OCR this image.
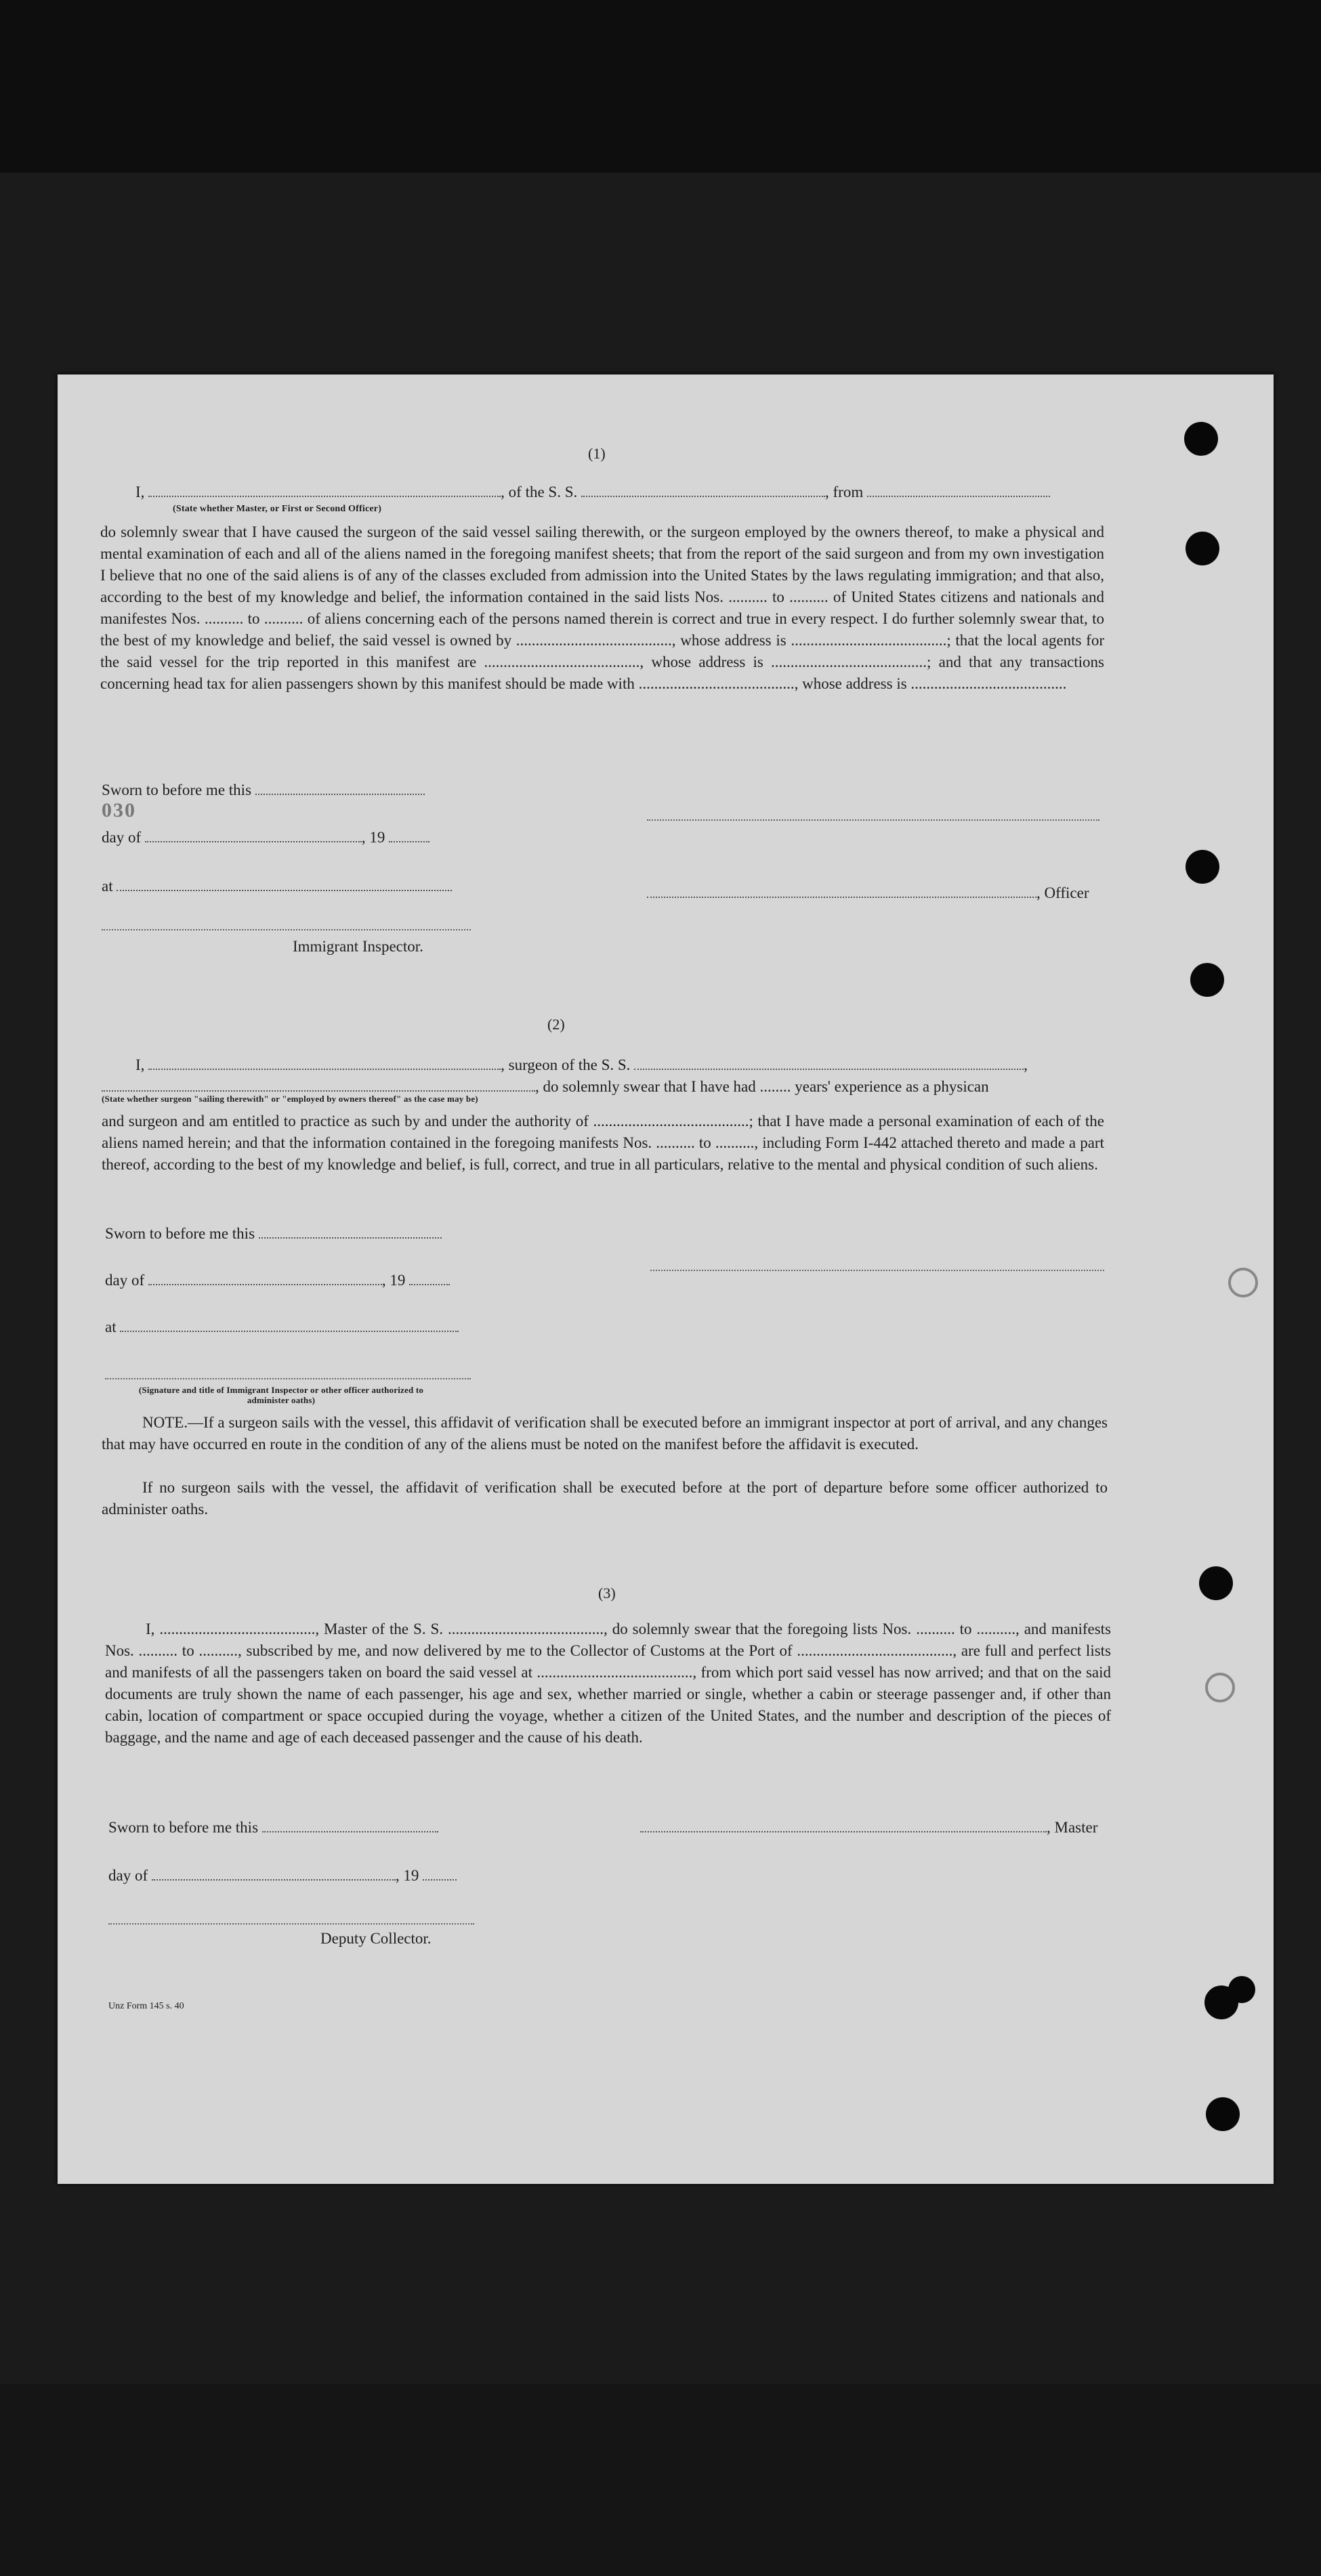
(1)
I,	, of the S. S.	, from
(State whether Master, or First or Second Officer)

do solemnly swear that I have caused the surgeon of the said vessel sailing therewith, or the surgeon employed by the owners thereof, to make a physical and mental examination of each and all of the aliens named in the foregoing manifest sheets; that from the report of the said surgeon and from my own investigation I believe that no one of the said aliens is of any of the classes excluded from admission into the United States by the laws regulating immigration; and that also, according to the best of my knowledge and belief, the information contained in the said lists Nos. .......... to .......... of United States citizens and nationals and manifestes Nos. .......... to .......... of aliens concerning each of the persons named therein is correct and true in every respect. I do further solemnly swear that, to the best of my knowledge and belief, the said vessel is owned by ........................................, whose address is ........................................; that the local agents for the said vessel for the trip reported in this manifest are ........................................, whose address is ........................................; and that any transactions concerning head tax for alien passengers shown by this manifest should be made with ........................................, whose address is ........................................

Sworn to before me this
030
day of	, 19
at	, Officer
Immigrant Inspector.
(2)
I,	, surgeon of the S. S.	,
, do solemnly swear that I have had ........ years' experience as a physican
(State whether surgeon "sailing therewith" or "employed by owners thereof" as the case may be)

and surgeon and am entitled to practice as such by and under the authority of ........................................; that I have made a personal examination of each of the aliens named herein; and that the information contained in the foregoing manifests Nos. .......... to .........., including Form I-442 attached thereto and made a part thereof, according to the best of my knowledge and belief, is full, correct, and true in all particulars, relative to the mental and physical condition of such aliens.

Sworn to before me this
day of	, 19
at
(Signature and title of Immigrant Inspector or other officer authorized to administer oaths)
NOTE.—If a surgeon sails with the vessel, this affidavit of verification shall be executed before an immigrant inspector at port of arrival, and any changes that may have occurred en route in the condition of any of the aliens must be noted on the manifest before the affidavit is executed.
If no surgeon sails with the vessel, the affidavit of verification shall be executed before at the port of departure before some officer authorized to administer oaths.
(3)

I, ........................................, Master of the S. S. ........................................, do solemnly swear that the foregoing lists Nos. .......... to .........., and manifests Nos. .......... to .........., subscribed by me, and now delivered by me to the Collector of Customs at the Port of ........................................, are full and perfect lists and manifests of all the passengers taken on board the said vessel at ........................................, from which port said vessel has now arrived; and that on the said documents are truly shown the name of each passenger, his age and sex, whether married or single, whether a cabin or steerage passenger and, if other than cabin, location of compartment or space occupied during the voyage, whether a citizen of the United States, and the number and description of the pieces of baggage, and the name and age of each deceased passenger and the cause of his death.

Sworn to before me this	, Master
day of	, 19
Deputy Collector.
Unz Form 145 s. 40
